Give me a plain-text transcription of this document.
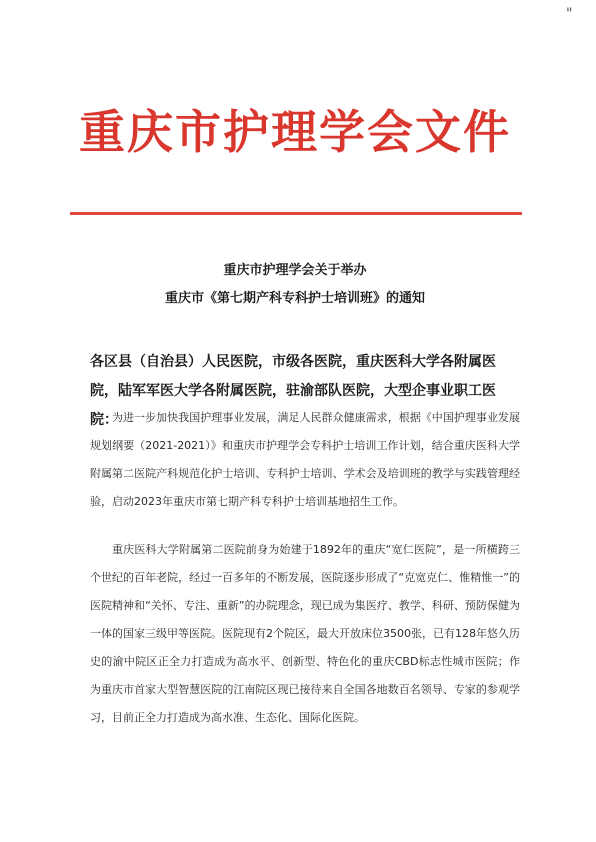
"
重庆市护理学会文件
重庆市护理学会关于举办
重庆市《第七期产科专科护士培训班》的通知
各区县（自治县）人民医院，市级各医院，重庆医科大学各附属医院，陆军军医大学各附属医院，驻渝部队医院，大型企事业职工医院：
为进一步加快我国护理事业发展，满足人民群众健康需求，根据《中国护理事业发展规划纲要（2021-2021）》和重庆市护理学会专科护士培训工作计划，结合重庆医科大学附属第二医院产科规范化护士培训、专科护士培训、学术会及培训班的教学与实践管理经验，启动2023年重庆市第七期产科专科护士培训基地招生工作。
重庆医科大学附属第二医院前身为始建于1892年的重庆“宽仁医院”，是一所横跨三个世纪的百年老院，经过一百多年的不断发展，医院逐步形成了“克宽克仁、惟精惟一”的医院精神和“关怀、专注、重新”的办院理念，现已成为集医疗、教学、科研、预防保健为一体的国家三级甲等医院。医院现有2个院区，最大开放床位3500张，已有128年悠久历史的渝中院区正全力打造成为高水平、创新型、特色化的重庆CBD标志性城市医院；作为重庆市首家大型智慧医院的江南院区现已接待来自全国各地数百名领导、专家的参观学习，目前正全力打造成为高水准、生态化、国际化医院。
